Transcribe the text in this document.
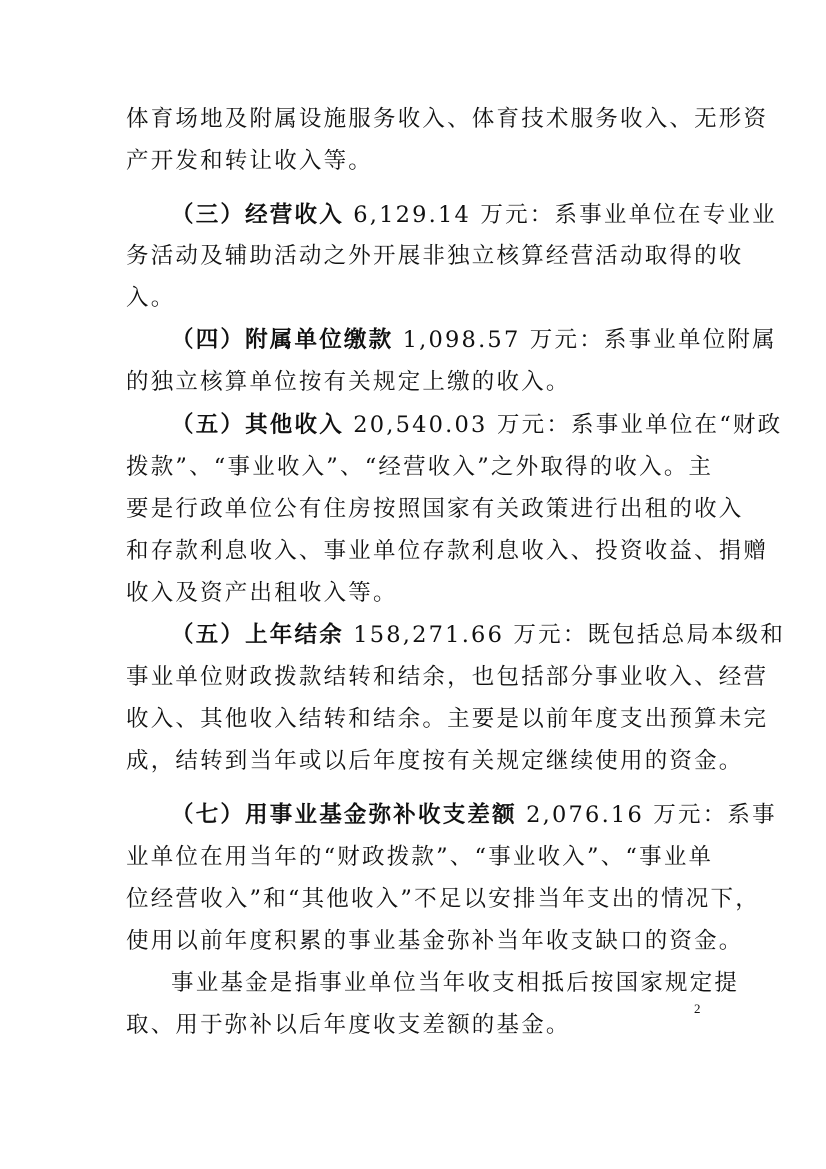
2
体育场地及附属设施服务收入、体育技术服务收入、无形资
产开发和转让收入等。
（三）经营收入 6,129.14 万元：系事业单位在专业业
务活动及辅助活动之外开展非独立核算经营活动取得的收
入。
（四）附属单位缴款 1,098.57 万元：系事业单位附属
的独立核算单位按有关规定上缴的收入。
（五）其他收入 20,540.03 万元：系事业单位在“财政
拨款”、“事业收入”、“经营收入”之外取得的收入。主
要是行政单位公有住房按照国家有关政策进行出租的收入
和存款利息收入、事业单位存款利息收入、投资收益、捐赠
收入及资产出租收入等。
（五）上年结余 158,271.66 万元：既包括总局本级和
事业单位财政拨款结转和结余，也包括部分事业收入、经营
收入、其他收入结转和结余。主要是以前年度支出预算未完
成，结转到当年或以后年度按有关规定继续使用的资金。
（七）用事业基金弥补收支差额 2,076.16 万元：系事
业单位在用当年的“财政拨款”、“事业收入”、“事业单
位经营收入”和“其他收入”不足以安排当年支出的情况下，
使用以前年度积累的事业基金弥补当年收支缺口的资金。
事业基金是指事业单位当年收支相抵后按国家规定提
取、用于弥补以后年度收支差额的基金。
